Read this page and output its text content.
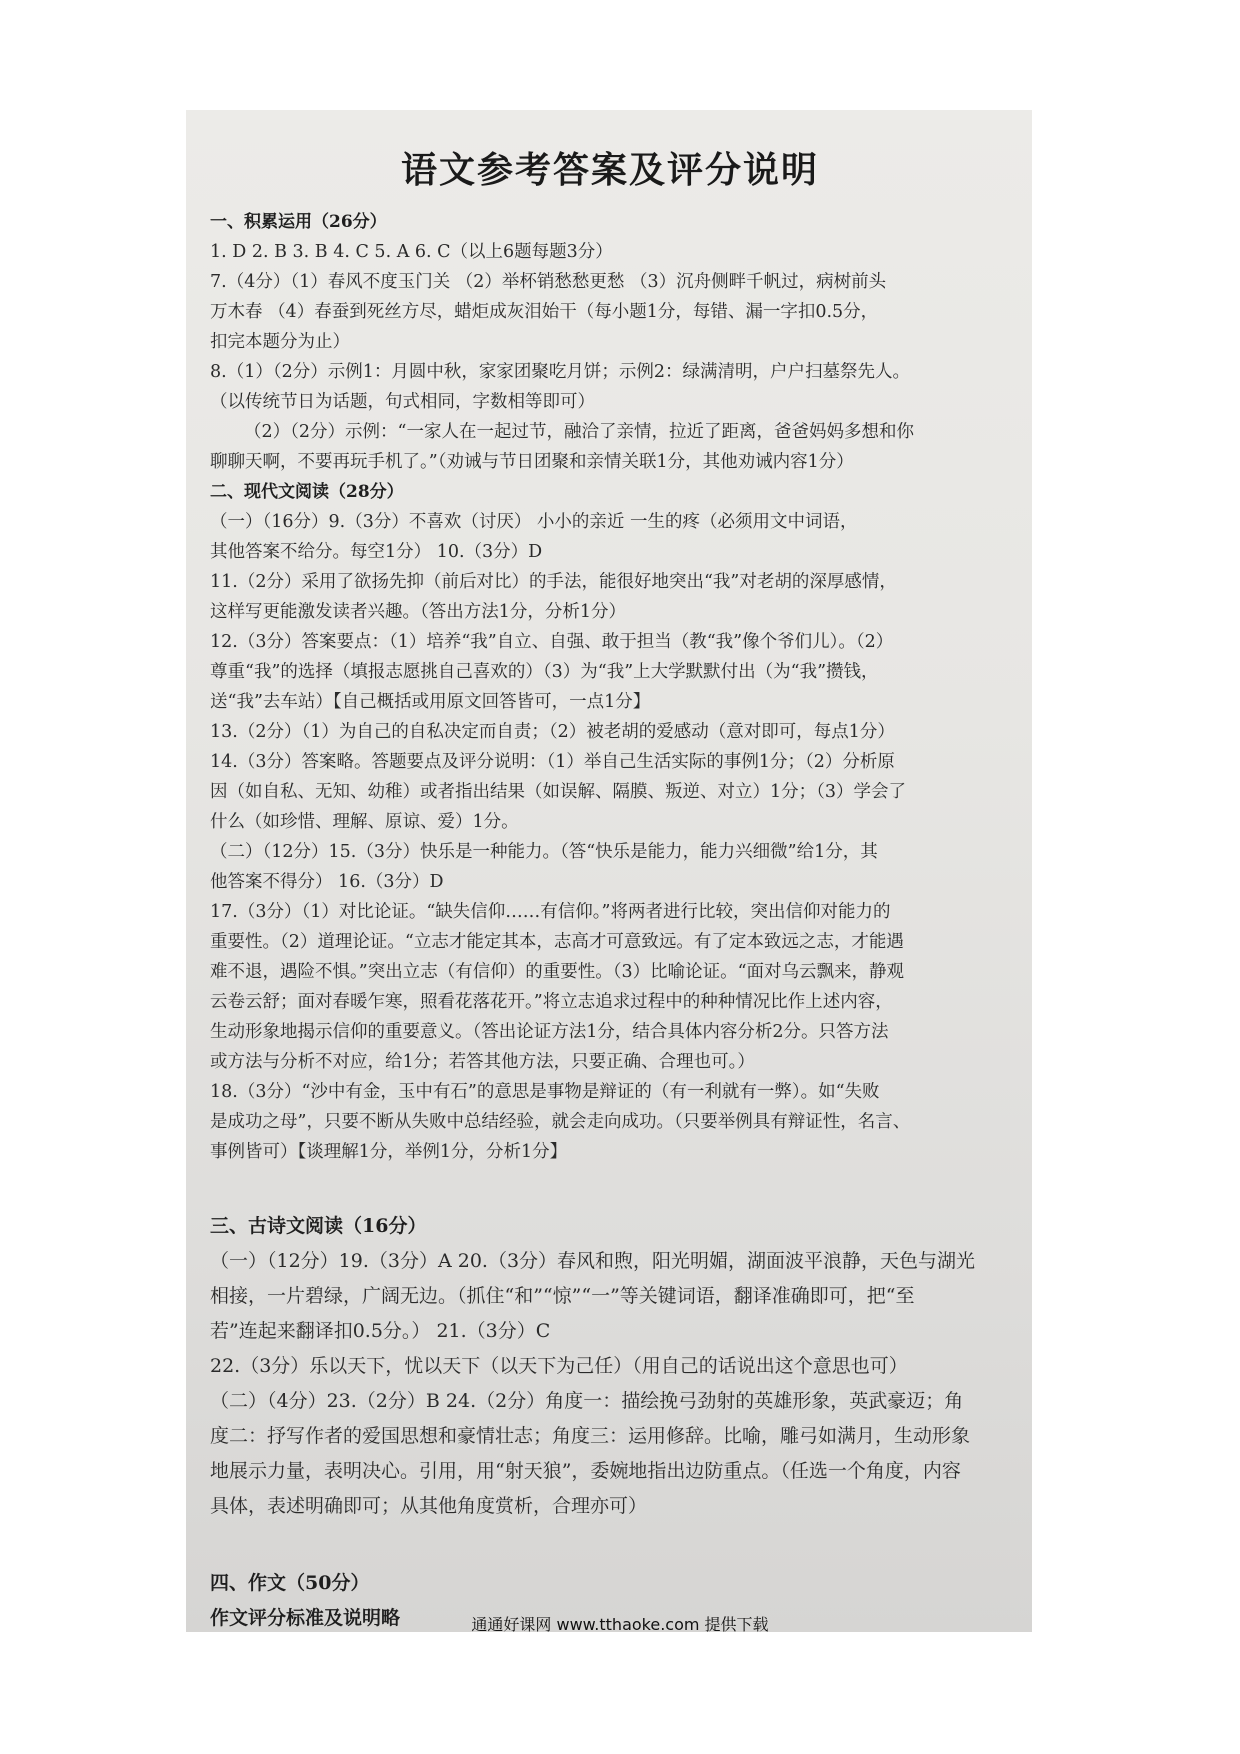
语文参考答案及评分说明
一、积累运用（26分）
1. D 2. B 3. B 4. C 5. A 6. C（以上6题每题3分）
7.（4分）（1）春风不度玉门关 （2）举杯销愁愁更愁 （3）沉舟侧畔千帆过，病树前头
万木春 （4）春蚕到死丝方尽，蜡炬成灰泪始干（每小题1分，每错、漏一字扣0.5分，
扣完本题分为止）
8.（1）（2分）示例1：月圆中秋，家家团聚吃月饼；示例2：绿满清明，户户扫墓祭先人。
（以传统节日为话题，句式相同，字数相等即可）
（2）（2分）示例：“一家人在一起过节，融洽了亲情，拉近了距离，爸爸妈妈多想和你
聊聊天啊，不要再玩手机了。”（劝诫与节日团聚和亲情关联1分，其他劝诫内容1分）
二、现代文阅读（28分）
（一）（16分）9.（3分）不喜欢（讨厌） 小小的亲近 一生的疼（必须用文中词语，
其他答案不给分。每空1分） 10.（3分）D
11.（2分）采用了欲扬先抑（前后对比）的手法，能很好地突出“我”对老胡的深厚感情，
这样写更能激发读者兴趣。（答出方法1分，分析1分）
12.（3分）答案要点：（1）培养“我”自立、自强、敢于担当（教“我”像个爷们儿）。（2）
尊重“我”的选择（填报志愿挑自己喜欢的）（3）为“我”上大学默默付出（为“我”攒钱，
送“我”去车站）【自己概括或用原文回答皆可，一点1分】
13.（2分）（1）为自己的自私决定而自责；（2）被老胡的爱感动（意对即可，每点1分）
14.（3分）答案略。答题要点及评分说明：（1）举自己生活实际的事例1分；（2）分析原
因（如自私、无知、幼稚）或者指出结果（如误解、隔膜、叛逆、对立）1分；（3）学会了
什么（如珍惜、理解、原谅、爱）1分。
（二）（12分）15.（3分）快乐是一种能力。（答“快乐是能力，能力兴细微”给1分，其
他答案不得分） 16.（3分）D
17.（3分）（1）对比论证。“缺失信仰……有信仰。”将两者进行比较，突出信仰对能力的
重要性。（2）道理论证。“立志才能定其本，志高才可意致远。有了定本致远之志，才能遇
难不退，遇险不惧。”突出立志（有信仰）的重要性。（3）比喻论证。“面对乌云飘来，静观
云卷云舒；面对春暖乍寒，照看花落花开。”将立志追求过程中的种种情况比作上述内容，
生动形象地揭示信仰的重要意义。（答出论证方法1分，结合具体内容分析2分。只答方法
或方法与分析不对应，给1分；若答其他方法，只要正确、合理也可。）
18.（3分）“沙中有金，玉中有石”的意思是事物是辩证的（有一利就有一弊）。如“失败
是成功之母”，只要不断从失败中总结经验，就会走向成功。（只要举例具有辩证性，名言、
事例皆可）【谈理解1分，举例1分，分析1分】
三、古诗文阅读（16分）
（一）（12分）19.（3分）A 20.（3分）春风和煦，阳光明媚，湖面波平浪静，天色与湖光
相接，一片碧绿，广阔无边。（抓住“和”“惊”“一”等关键词语，翻译准确即可，把“至
若”连起来翻译扣0.5分。） 21.（3分）C
22.（3分）乐以天下，忧以天下（以天下为己任）（用自己的话说出这个意思也可）
（二）（4分）23.（2分）B 24.（2分）角度一：描绘挽弓劲射的英雄形象，英武豪迈；角
度二：抒写作者的爱国思想和豪情壮志；角度三：运用修辞。比喻，雕弓如满月，生动形象
地展示力量，表明决心。引用，用“射天狼”，委婉地指出边防重点。（任选一个角度，内容
具体，表述明确即可；从其他角度赏析，合理亦可）
四、作文（50分）
作文评分标准及说明略	通通好课网 www.tthaoke.com 提供下载
